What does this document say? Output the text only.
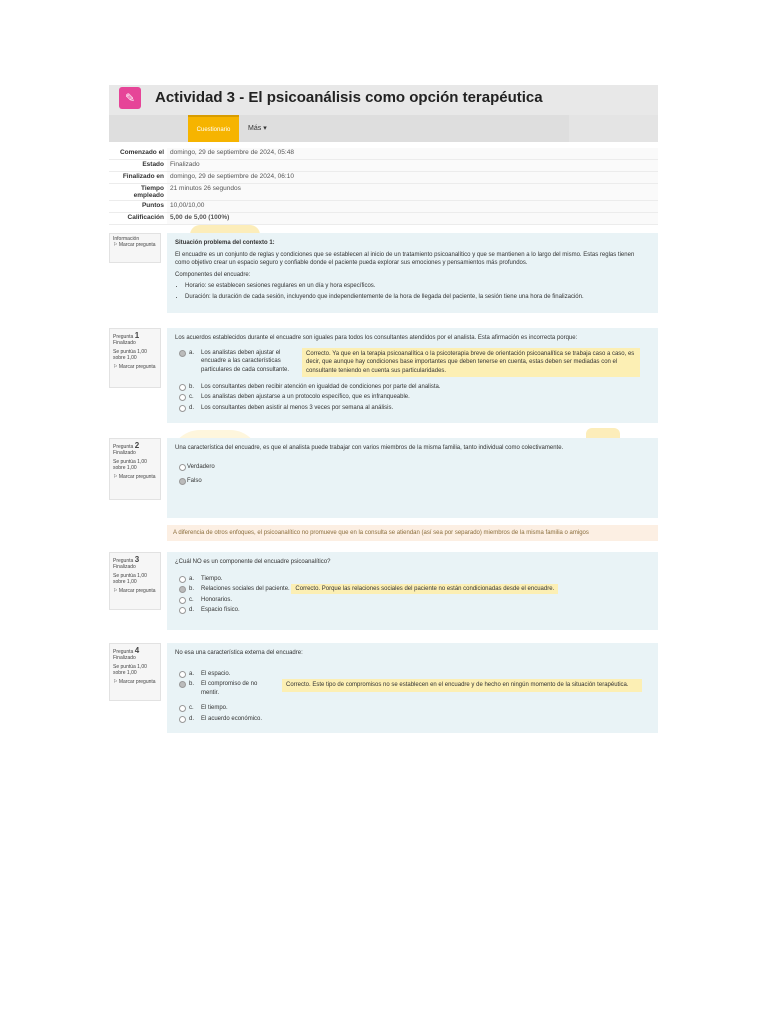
✎	Actividad 3 - El psicoanálisis como opción terapéutica
Cuestionario	Más ▾
Comenzado el	domingo, 29 de septiembre de 2024, 05:48
Estado	Finalizado
Finalizado en	domingo, 29 de septiembre de 2024, 06:10
Tiempo empleado	21 minutos 26 segundos
Puntos	10,00/10,00
Calificación	5,00 de 5,00 (100%)
Información
⚐ Marcar pregunta	Situación problema del contexto 1:
El encuadre es un conjunto de reglas y condiciones que se establecen al inicio de un tratamiento psicoanalítico y que se mantienen a lo largo del mismo. Estas reglas tienen como objetivo crear un espacio seguro y confiable donde el paciente pueda explorar sus emociones y pensamientos más profundos.
Componentes del encuadre:
• Horario: se establecen sesiones regulares en un día y hora específicos.
• Duración: la duración de cada sesión, incluyendo que independientemente de la hora de llegada del paciente, la sesión tiene una hora de finalización.
Pregunta 1
Finalizado
Se puntúa 1,00 sobre 1,00
⚐ Marcar pregunta
Los acuerdos establecidos durante el encuadre son iguales para todos los consultantes atendidos por el analista. Esta afirmación es incorrecta porque:
a. Los analistas deben ajustar el encuadre a las características particulares de cada consultante.
Correcto. Ya que en la terapia psicoanalítica o la psicoterapia breve de orientación psicoanalítica se trabaja caso a caso, es decir, que aunque hay condiciones base importantes que deben tenerse en cuenta, estas deben ser mediadas con el consultante teniendo en cuenta sus particularidades.
b. Los consultantes deben recibir atención en igualdad de condiciones por parte del analista.
c. Los analistas deben ajustarse a un protocolo específico, que es infranqueable.
d. Los consultantes deben asistir al menos 3 veces por semana al análisis.
Pregunta 2
Finalizado
Se puntúa 1,00 sobre 1,00
⚐ Marcar pregunta
Una característica del encuadre, es que el analista puede trabajar con varios miembros de la misma familia, tanto individual como colectivamente.
Verdadero
Falso
A diferencia de otros enfoques, el psicoanalítico no promueve que en la consulta se atiendan (así sea por separado) miembros de la misma familia o amigos
Pregunta 3
Finalizado
Se puntúa 1,00 sobre 1,00
⚐ Marcar pregunta
¿Cuál NO es un componente del encuadre psicoanalítico?
a. Tiempo.
b. Relaciones sociales del paciente. Correcto. Porque las relaciones sociales del paciente no están condicionadas desde el encuadre.
c. Honorarios.
d. Espacio físico.
Pregunta 4
Finalizado
Se puntúa 1,00 sobre 1,00
⚐ Marcar pregunta
No esa una característica externa del encuadre:
a. El espacio.
b. El compromiso de no mentir.
Correcto. Este tipo de compromisos no se establecen en el encuadre y de hecho en ningún momento de la situación terapéutica.
c. El tiempo.
d. El acuerdo económico.
